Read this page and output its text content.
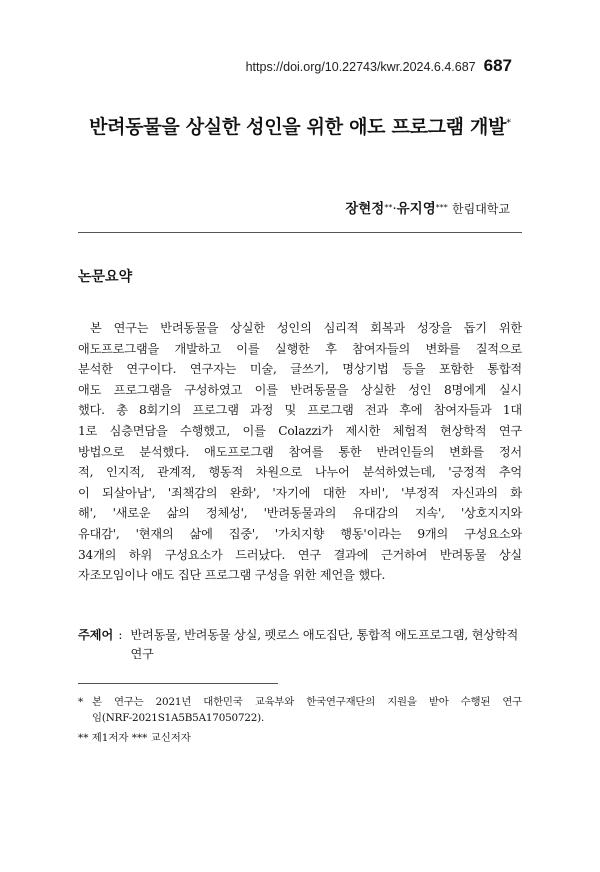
https://doi.org/10.22743/kwr.2024.6.4.687 687
반려동물을 상실한 성인을 위한 애도 프로그램 개발*
장현정**·유지영*** 한림대학교
논문요약
본 연구는 반려동물을 상실한 성인의 심리적 회복과 성장을 돕기 위한
애도프로그램을 개발하고 이를 실행한 후 참여자들의 변화를 질적으로
분석한 연구이다. 연구자는 미술, 글쓰기, 명상기법 등을 포함한 통합적
애도 프로그램을 구성하였고 이를 반려동물을 상실한 성인 8명에게 실시
했다. 총 8회기의 프로그램 과정 및 프로그램 전과 후에 참여자들과 1대
1로 심층면담을 수행했고, 이를 Colazzi가 제시한 체험적 현상학적 연구
방법으로 분석했다. 애도프로그램 참여를 통한 반려인들의 변화를 정서
적, 인지적, 관계적, 행동적 차원으로 나누어 분석하였는데, '긍정적 추억
이 되살아남', '죄책감의 완화', '자기에 대한 자비', '부정적 자신과의 화
해', '새로운 삶의 정체성', '반려동물과의 유대감의 지속', '상호지지와
유대감', '현재의 삶에 집중', '가치지향 행동'이라는 9개의 구성요소와
34개의 하위 구성요소가 드러났다. 연구 결과에 근거하여 반려동물 상실
자조모임이나 애도 집단 프로그램 구성을 위한 제언을 했다.
주제어 : 반려동물, 반려동물 상실, 펫로스 애도집단, 통합적 애도프로그램, 현상학적 연구
* 본 연구는 2021년 대한민국 교육부와 한국연구재단의 지원을 받아 수행된 연구
임(NRF-2021S1A5B5A17050722).
**
제1저자
***
교신저자
